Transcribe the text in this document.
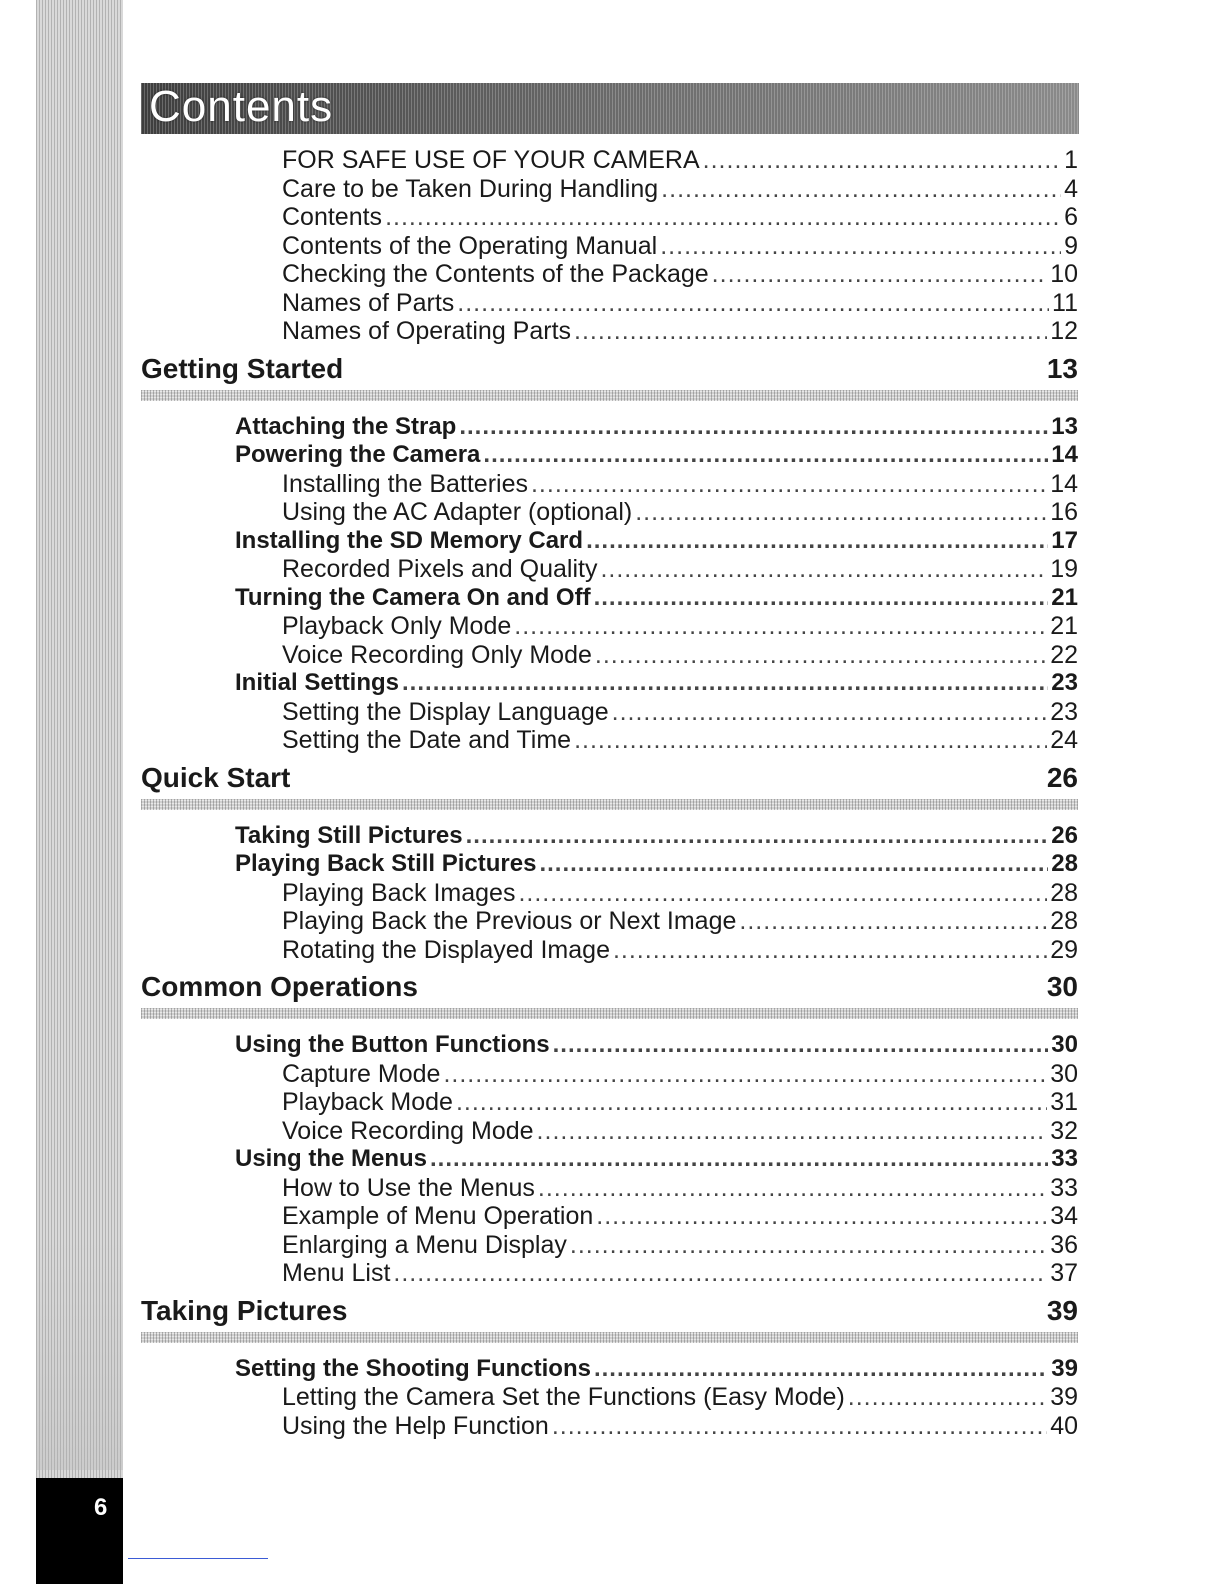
Contents
FOR SAFE USE OF YOUR CAMERA .....	1
Care to be Taken During Handling .....	4
Contents .....	6
Contents of the Operating Manual .....	9
Checking the Contents of the Package .....	10
Names of Parts .....	11
Names of Operating Parts .....	12
Getting Started	13
Attaching the Strap .....	13
Powering the Camera .....	14
Installing the Batteries .....	14
Using the AC Adapter (optional) .....	16
Installing the SD Memory Card .....	17
Recorded Pixels and Quality .....	19
Turning the Camera On and Off .....	21
Playback Only Mode .....	21
Voice Recording Only Mode .....	22
Initial Settings .....	23
Setting the Display Language .....	23
Setting the Date and Time .....	24
Quick Start	26
Taking Still Pictures .....	26
Playing Back Still Pictures .....	28
Playing Back Images .....	28
Playing Back the Previous or Next Image .....	28
Rotating the Displayed Image .....	29
Common Operations	30
Using the Button Functions .....	30
Capture Mode .....	30
Playback Mode .....	31
Voice Recording Mode .....	32
Using the Menus .....	33
How to Use the Menus .....	33
Example of Menu Operation .....	34
Enlarging a Menu Display .....	36
Menu List .....	37
Taking Pictures	39
Setting the Shooting Functions .....	39
Letting the Camera Set the Functions (Easy Mode) .....	39
Using the Help Function .....	40
6
